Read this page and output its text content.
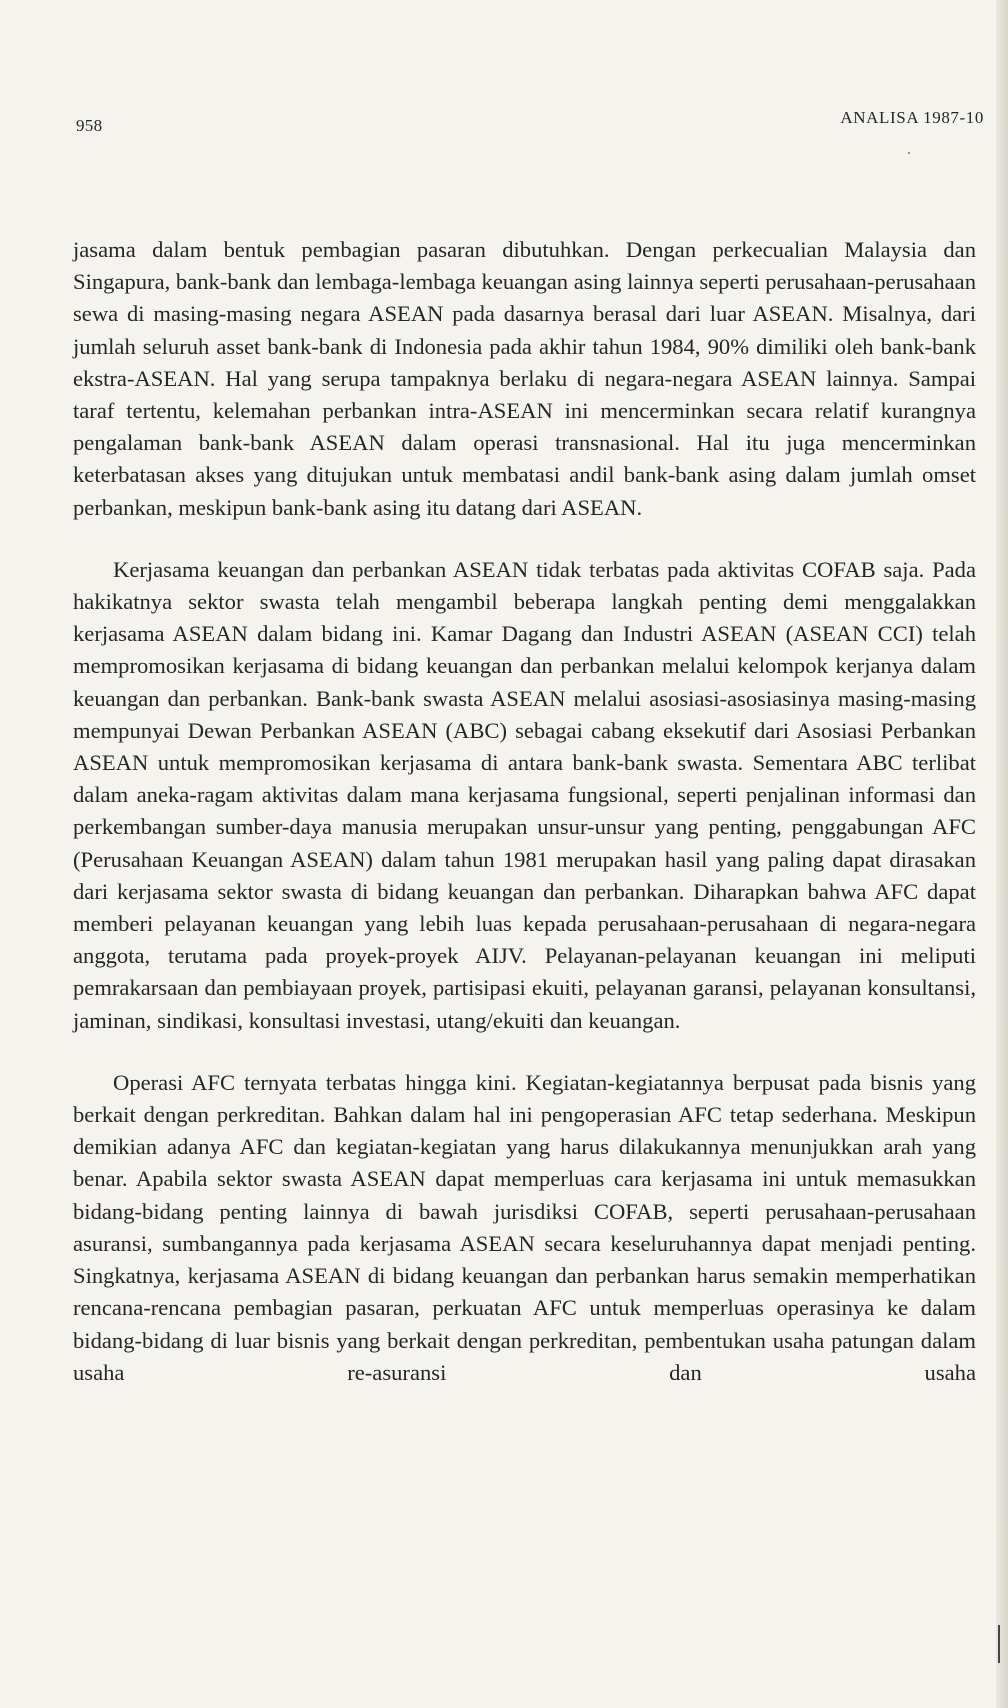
958	ANALISA 1987-10

jasama dalam bentuk pembagian pasaran dibutuhkan. Dengan perkecualian Malaysia dan Singapura, bank-bank dan lembaga-lembaga keuangan asing lainnya seperti perusahaan-perusahaan sewa di masing-masing negara ASEAN pada dasarnya berasal dari luar ASEAN. Misalnya, dari jumlah seluruh asset bank-bank di Indonesia pada akhir tahun 1984, 90% dimiliki oleh bank-bank ekstra-ASEAN. Hal yang serupa tampaknya berlaku di negara-negara ASEAN lainnya. Sampai taraf tertentu, kelemahan perbankan intra-ASEAN ini mencerminkan secara relatif kurangnya pengalaman bank-bank ASEAN dalam operasi transnasional. Hal itu juga mencerminkan keterbatasan akses yang ditujukan untuk membatasi andil bank-bank asing dalam jumlah omset perbankan, meskipun bank-bank asing itu datang dari ASEAN.

Kerjasama keuangan dan perbankan ASEAN tidak terbatas pada aktivitas COFAB saja. Pada hakikatnya sektor swasta telah mengambil beberapa langkah penting demi menggalakkan kerjasama ASEAN dalam bidang ini. Kamar Dagang dan Industri ASEAN (ASEAN CCI) telah mempromosikan kerjasama di bidang keuangan dan perbankan melalui kelompok kerjanya dalam keuangan dan perbankan. Bank-bank swasta ASEAN melalui asosiasi-asosiasinya masing-masing mempunyai Dewan Perbankan ASEAN (ABC) sebagai cabang eksekutif dari Asosiasi Perbankan ASEAN untuk mempromosikan kerjasama di antara bank-bank swasta. Sementara ABC terlibat dalam aneka-ragam aktivitas dalam mana kerjasama fungsional, seperti penjalinan informasi dan perkembangan sumber-daya manusia merupakan unsur-unsur yang penting, penggabungan AFC (Perusahaan Keuangan ASEAN) dalam tahun 1981 merupakan hasil yang paling dapat dirasakan dari kerjasama sektor swasta di bidang keuangan dan perbankan. Diharapkan bahwa AFC dapat memberi pelayanan keuangan yang lebih luas kepada perusahaan-perusahaan di negara-negara anggota, terutama pada proyek-proyek AIJV. Pelayanan-pelayanan keuangan ini meliputi pemrakarsaan dan pembiayaan proyek, partisipasi ekuiti, pelayanan garansi, pelayanan konsultansi, jaminan, sindikasi, konsultasi investasi, utang/ekuiti dan keuangan.

Operasi AFC ternyata terbatas hingga kini. Kegiatan-kegiatannya berpusat pada bisnis yang berkait dengan perkreditan. Bahkan dalam hal ini pengoperasian AFC tetap sederhana. Meskipun demikian adanya AFC dan kegiatan-kegiatan yang harus dilakukannya menunjukkan arah yang benar. Apabila sektor swasta ASEAN dapat memperluas cara kerjasama ini untuk memasukkan bidang-bidang penting lainnya di bawah jurisdiksi COFAB, seperti perusahaan-perusahaan asuransi, sumbangannya pada kerjasama ASEAN secara keseluruhannya dapat menjadi penting. Singkatnya, kerjasama ASEAN di bidang keuangan dan perbankan harus semakin memperhatikan rencana-rencana pembagian pasaran, perkuatan AFC untuk memperluas operasinya ke dalam bidang-bidang di luar bisnis yang berkait dengan perkreditan, pembentukan usaha patungan dalam usaha re-asuransi dan usaha
